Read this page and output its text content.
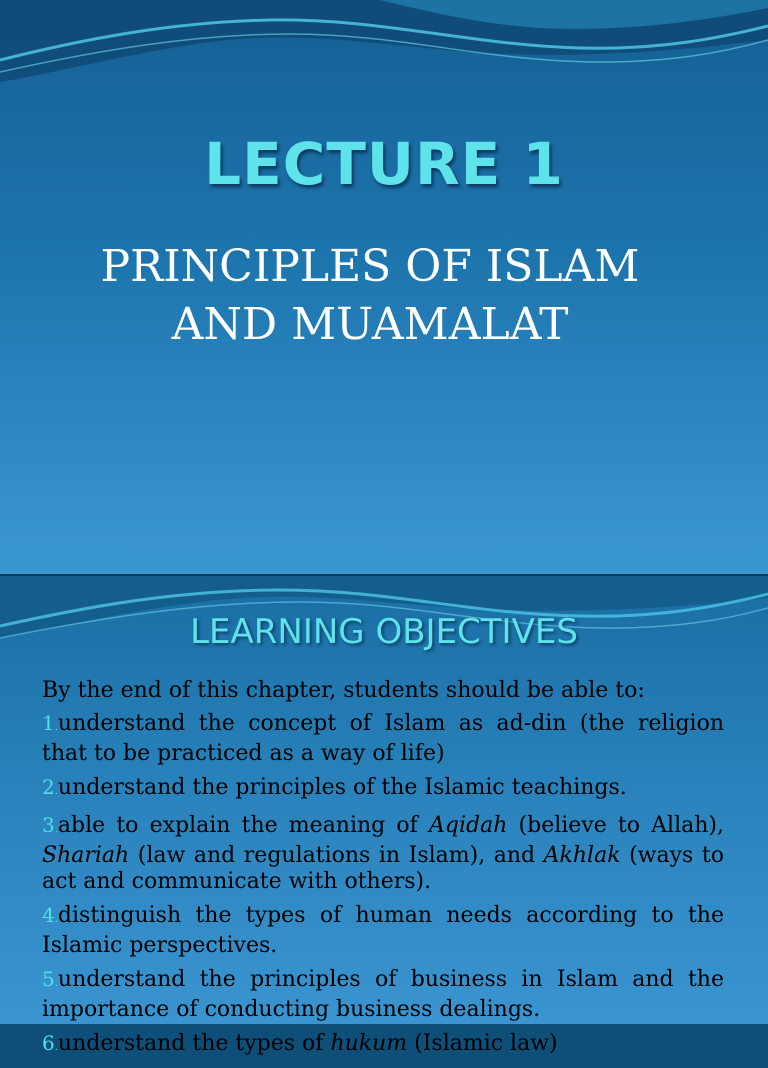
LECTURE 1
PRINCIPLES OF ISLAM
AND MUAMALAT
LEARNING OBJECTIVES

By the end of this chapter, students should be able to:

1 . understand the concept of Islam as ad-din (the religion that to be practiced as a way of life)

2 . understand the principles of the Islamic teachings.

3 . able to explain the meaning of Aqidah (believe to Allah), Shariah (law and regulations in Islam), and Akhlak (ways to act and communicate with others).

4 . distinguish the types of human needs according to the Islamic perspectives.

5 . understand the principles of business in Islam and the importance of conducting business dealings.

6 . understand the types of hukum (Islamic law)
